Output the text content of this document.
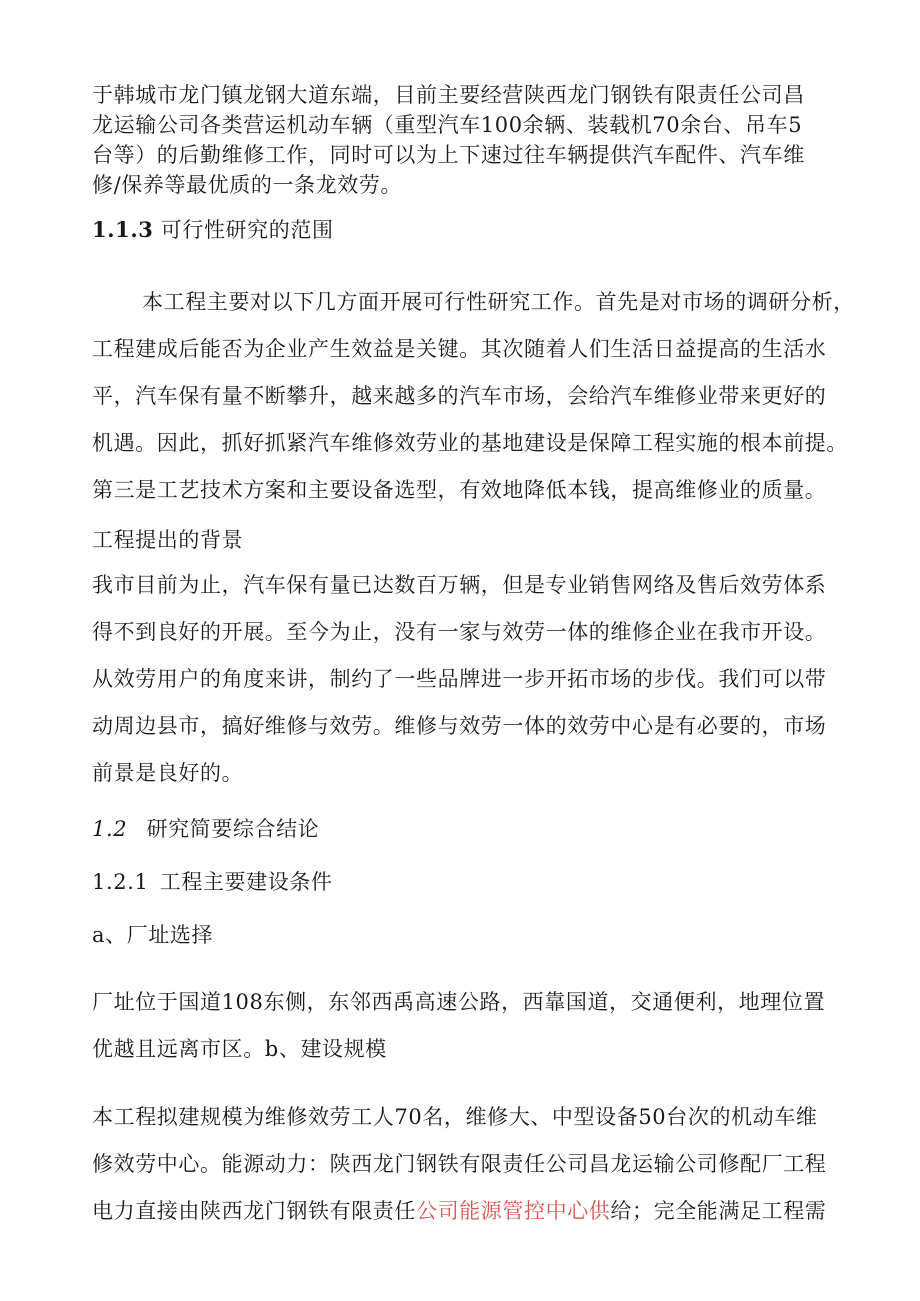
于韩城市龙门镇龙钢大道东端，目前主要经营陕西龙门钢铁有限责任公司昌
龙运输公司各类营运机动车辆（重型汽车100余辆、装载机70余台、吊车5
台等）的后勤维修工作，同时可以为上下速过往车辆提供汽车配件、汽车维
修/保养等最优质的一条龙效劳。
1.1.3 可行性研究的范围
本工程主要对以下几方面开展可行性研究工作。首先是对市场的调研分析，
工程建成后能否为企业产生效益是关键。其次随着人们生活日益提高的生活水
平，汽车保有量不断攀升，越来越多的汽车市场，会给汽车维修业带来更好的
机遇。因此，抓好抓紧汽车维修效劳业的基地建设是保障工程实施的根本前提。
第三是工艺技术方案和主要设备选型，有效地降低本钱，提高维修业的质量。
工程提出的背景
我市目前为止，汽车保有量已达数百万辆，但是专业销售网络及售后效劳体系
得不到良好的开展。至今为止，没有一家与效劳一体的维修企业在我市开设。
从效劳用户的角度来讲，制约了一些品牌进一步开拓市场的步伐。我们可以带
动周边县市，搞好维修与效劳。维修与效劳一体的效劳中心是有必要的，市场
前景是良好的。
1.2 研究简要综合结论
1.2.1 工程主要建设条件
a、厂址选择
厂址位于国道108东侧，东邻西禹高速公路，西靠国道，交通便利，地理位置
优越且远离市区。b、建设规模
本工程拟建规模为维修效劳工人70名，维修大、中型设备50台次的机动车维
修效劳中心。能源动力：陕西龙门钢铁有限责任公司昌龙运输公司修配厂工程
电力直接由陕西龙门钢铁有限责任公司能源管控中心供给；完全能满足工程需
